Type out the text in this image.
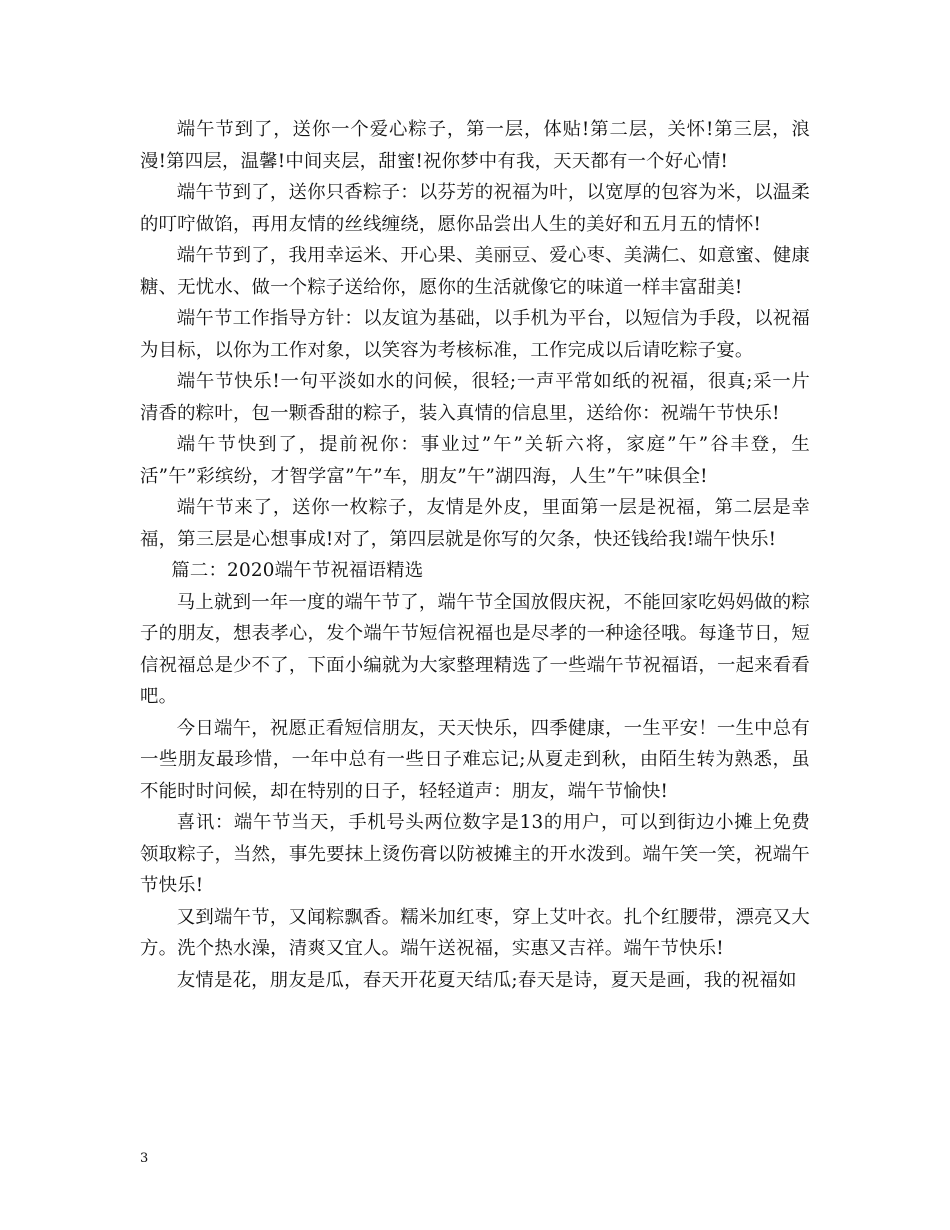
端午节到了，送你一个爱心粽子，第一层，体贴!第二层，关怀!第三层，浪漫!第四层，温馨!中间夹层，甜蜜!祝你梦中有我，天天都有一个好心情!

端午节到了，送你只香粽子：以芬芳的祝福为叶，以宽厚的包容为米，以温柔的叮咛做馅，再用友情的丝线缠绕，愿你品尝出人生的美好和五月五的情怀!

端午节到了，我用幸运米、开心果、美丽豆、爱心枣、美满仁、如意蜜、健康糖、无忧水、做一个粽子送给你，愿你的生活就像它的味道一样丰富甜美!

端午节工作指导方针：以友谊为基础，以手机为平台，以短信为手段，以祝福为目标，以你为工作对象，以笑容为考核标准，工作完成以后请吃粽子宴。

端午节快乐!一句平淡如水的问候，很轻;一声平常如纸的祝福，很真;采一片清香的粽叶，包一颗香甜的粽子，装入真情的信息里，送给你：祝端午节快乐!

端午节快到了，提前祝你：事业过”午”关斩六将，家庭”午”谷丰登，生活”午”彩缤纷，才智学富”午”车，朋友”午”湖四海，人生”午”味俱全!

端午节来了，送你一枚粽子，友情是外皮，里面第一层是祝福，第二层是幸福，第三层是心想事成!对了，第四层就是你写的欠条，快还钱给我!端午快乐!

篇二：2020端午节祝福语精选

马上就到一年一度的端午节了，端午节全国放假庆祝，不能回家吃妈妈做的粽子的朋友，想表孝心，发个端午节短信祝福也是尽孝的一种途径哦。每逢节日，短信祝福总是少不了，下面小编就为大家整理精选了一些端午节祝福语，一起来看看吧。

今日端午，祝愿正看短信朋友，天天快乐，四季健康，一生平安！一生中总有一些朋友最珍惜，一年中总有一些日子难忘记;从夏走到秋，由陌生转为熟悉，虽不能时时问候，却在特别的日子，轻轻道声：朋友，端午节愉快!

喜讯：端午节当天，手机号头两位数字是13的用户，可以到街边小摊上免费领取粽子，当然，事先要抹上烫伤膏以防被摊主的开水泼到。端午笑一笑，祝端午节快乐!

又到端午节，又闻粽飘香。糯米加红枣，穿上艾叶衣。扎个红腰带，漂亮又大方。洗个热水澡，清爽又宜人。端午送祝福，实惠又吉祥。端午节快乐!

友情是花，朋友是瓜，春天开花夏天结瓜;春天是诗，夏天是画，我的祝福如

3
